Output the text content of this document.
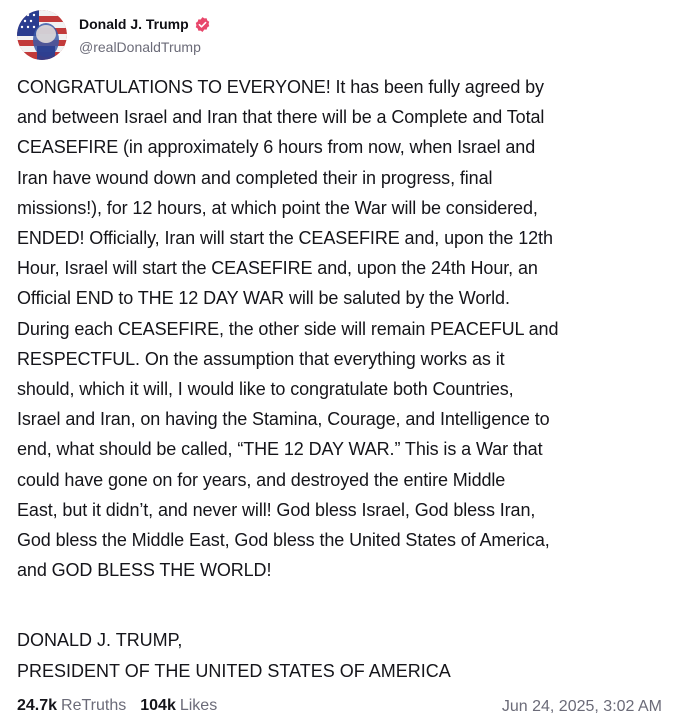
Donald J. Trump
@realDonaldTrump

CONGRATULATIONS TO EVERYONE! It has been fully agreed by

and between Israel and Iran that there will be a Complete and Total

CEASEFIRE (in approximately 6 hours from now, when Israel and

Iran have wound down and completed their in progress, final

missions!), for 12 hours, at which point the War will be considered,

ENDED! Officially, Iran will start the CEASEFIRE and, upon the 12th

Hour, Israel will start the CEASEFIRE and, upon the 24th Hour, an

Official END to THE 12 DAY WAR will be saluted by the World.

During each CEASEFIRE, the other side will remain PEACEFUL and

RESPECTFUL. On the assumption that everything works as it

should, which it will, I would like to congratulate both Countries,

Israel and Iran, on having the Stamina, Courage, and Intelligence to

end, what should be called, “THE 12 DAY WAR.” This is a War that

could have gone on for years, and destroyed the entire Middle

East, but it didn’t, and never will! God bless Israel, God bless Iran,

God bless the Middle East, God bless the United States of America,

and GOD BLESS THE WORLD!

DONALD J. TRUMP,

PRESIDENT OF THE UNITED STATES OF AMERICA

24.7k ReTruths 104k Likes	Jun 24, 2025, 3:02 AM
